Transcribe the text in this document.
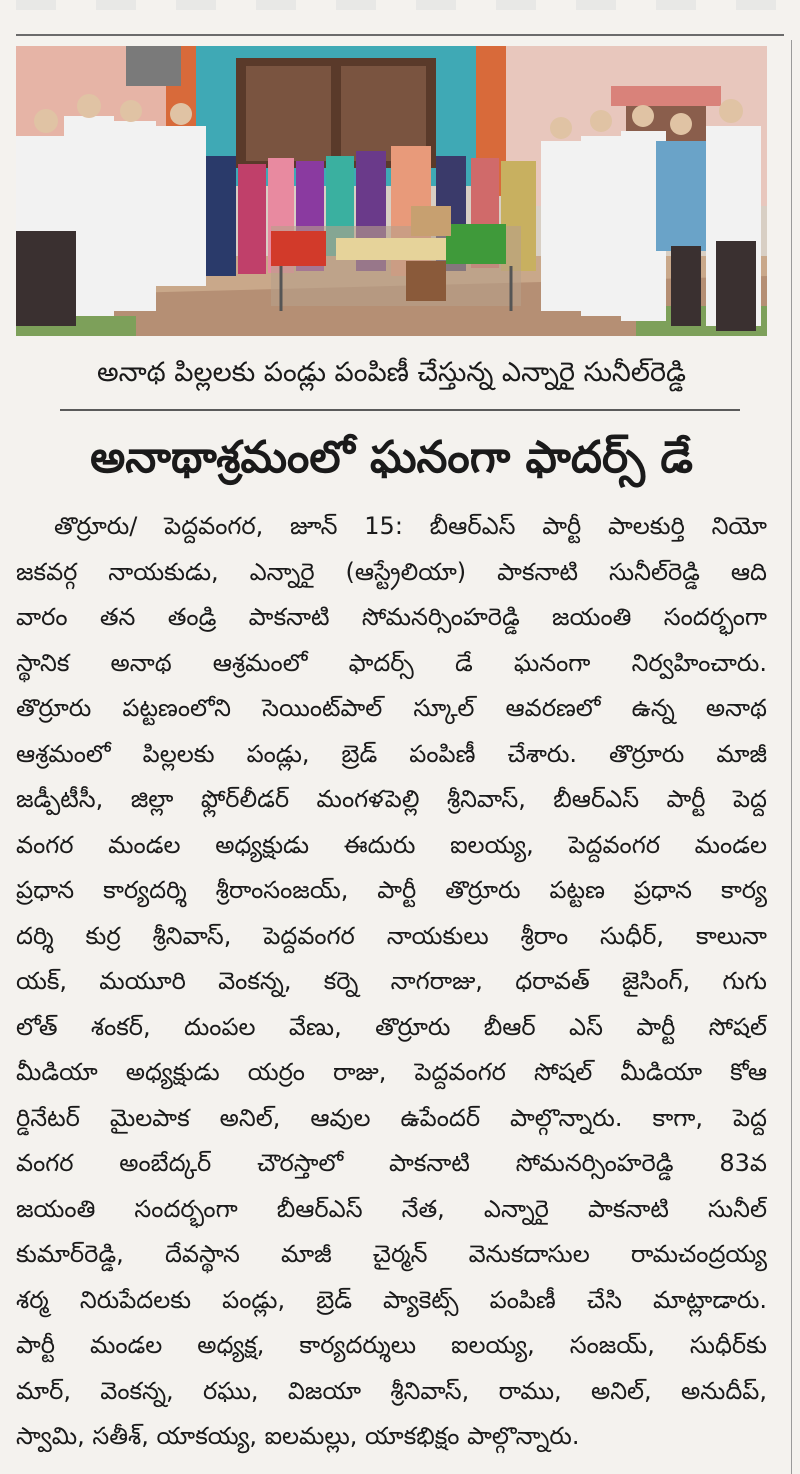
అనాథ పిల్లలకు పండ్లు పంపిణీ చేస్తున్న ఎన్నారై సునీల్‌రెడ్డి
అనాథాశ్రమంలో ఘనంగా ఫాదర్స్‌ డే
తొర్రూరు/ పెద్దవంగర, జూన్‌ 15: బీఆర్‌ఎస్‌ పార్టీ పాలకుర్తి నియో
జకవర్గ నాయకుడు, ఎన్నారై (ఆస్ట్రేలియా) పాకనాటి సునీల్‌రెడ్డి ఆది
వారం తన తండ్రి పాకనాటి సోమనర్సింహరెడ్డి జయంతి సందర్భంగా
స్థానిక అనాథ ఆశ్రమంలో ఫాదర్స్‌ డే ఘనంగా నిర్వహించారు.
తొర్రూరు పట్టణంలోని సెయింట్‌పాల్‌ స్కూల్‌ ఆవరణలో ఉన్న అనాథ
ఆశ్రమంలో పిల్లలకు పండ్లు, బ్రెడ్‌ పంపిణీ చేశారు. తొర్రూరు మాజీ
జడ్పీటీసీ, జిల్లా ఫ్లోర్‌లీడర్‌ మంగళపెల్లి శ్రీనివాస్‌, బీఆర్‌ఎస్‌ పార్టీ పెద్ద
వంగర మండల అధ్యక్షుడు ఈదురు ఐలయ్య, పెద్దవంగర మండల
ప్రధాన కార్యదర్శి శ్రీరాంసంజయ్‌, పార్టీ తొర్రూరు పట్టణ ప్రధాన కార్య
దర్శి కుర్ర శ్రీనివాస్‌, పెద్దవంగర నాయకులు శ్రీరాం సుధీర్‌, కాలునా
యక్‌, మయూరి వెంకన్న, కర్నె నాగరాజు, ధరావత్‌ జైసింగ్‌, గుగు
లోత్‌ శంకర్‌, దుంపల వేణు, తొర్రూరు బీఆర్‌ ఎస్‌ పార్టీ సోషల్‌
మీడియా అధ్యక్షుడు యర్రం రాజు, పెద్దవంగర సోషల్‌ మీడియా కోఆ
ర్డినేటర్‌ మైలపాక అనిల్‌, ఆవుల ఉపేందర్‌ పాల్గొన్నారు. కాగా, పెద్ద
వంగర అంబేద్కర్‌ చౌరస్తాలో పాకనాటి సోమనర్సింహరెడ్డి 83వ
జయంతి సందర్భంగా బీఆర్‌ఎస్‌ నేత, ఎన్నారై పాకనాటి సునీల్‌
కుమార్‌రెడ్డి, దేవస్థాన మాజీ చైర్మన్‌ వెనుకదాసుల రామచంద్రయ్య
శర్మ నిరుపేదలకు పండ్లు, బ్రెడ్‌ ప్యాకెట్స్‌ పంపిణీ చేసి మాట్లాడారు.
పార్టీ మండల అధ్యక్ష, కార్యదర్శులు ఐలయ్య, సంజయ్‌, సుధీర్‌కు
మార్‌, వెంకన్న, రఘు, విజయా శ్రీనివాస్‌, రాము, అనిల్‌, అనుదీప్‌,
స్వామి, సతీశ్‌, యాకయ్య, ఐలమల్లు, యాకభిక్షం పాల్గొన్నారు.
